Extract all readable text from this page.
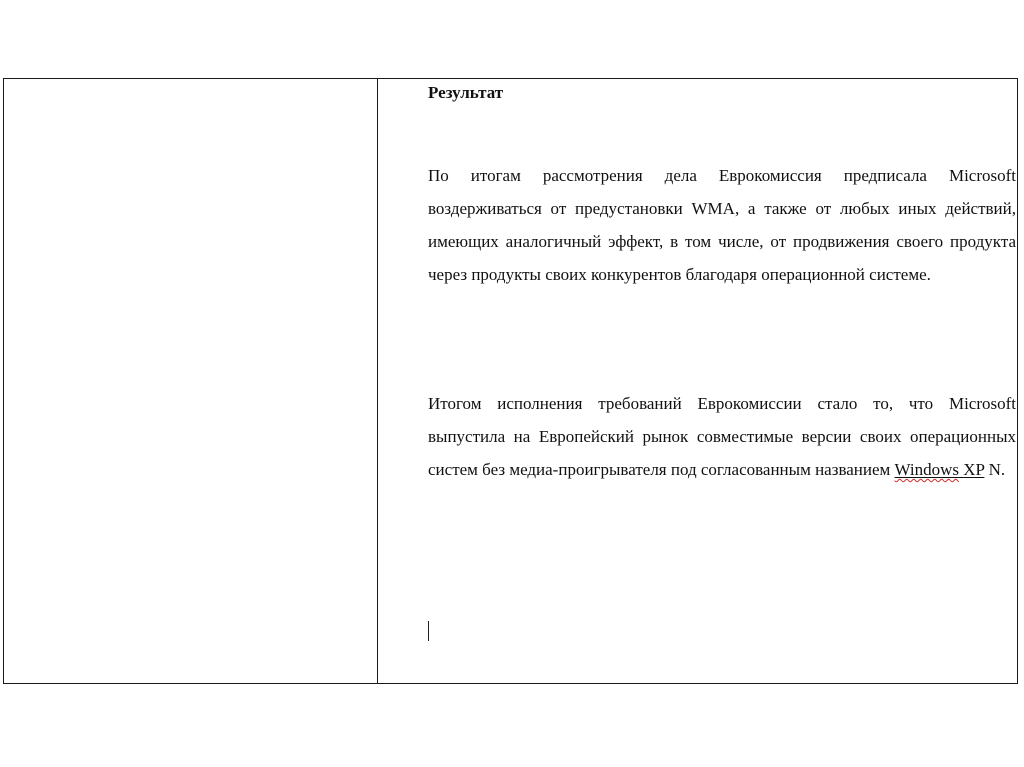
Результат

По итогам рассмотрения дела Еврокомиссия предписала Microsoft воздерживаться от предустановки WMA, а также от любых иных действий, имеющих аналогичный эффект, в том числе, от продвижения своего продукта через продукты своих конкурентов благодаря операционной системе.

Итогом исполнения требований Еврокомиссии стало то, что Microsoft выпустила на Европейский рынок совместимые версии своих операционных систем без медиа-проигрывателя под согласованным названием Windows XP N.
